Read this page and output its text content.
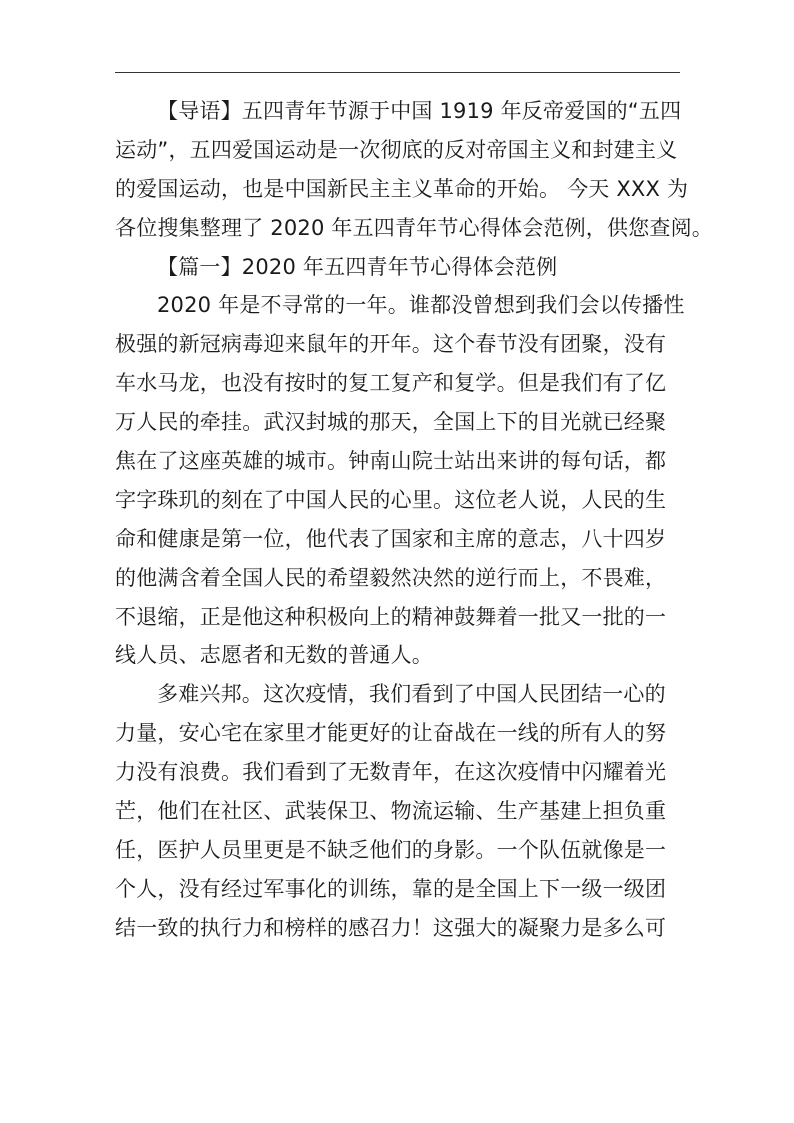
【导语】五四青年节源于中国 1919 年反帝爱国的“五四
运动”，五四爱国运动是一次彻底的反对帝国主义和封建主义
的爱国运动，也是中国新民主主义革命的开始。 今天 XXX 为
各位搜集整理了 2020 年五四青年节心得体会范例，供您查阅。
【篇一】2020 年五四青年节心得体会范例
2020 年是不寻常的一年。谁都没曾想到我们会以传播性
极强的新冠病毒迎来鼠年的开年。这个春节没有团聚，没有
车水马龙，也没有按时的复工复产和复学。但是我们有了亿
万人民的牵挂。武汉封城的那天，全国上下的目光就已经聚
焦在了这座英雄的城市。钟南山院士站出来讲的每句话，都
字字珠玑的刻在了中国人民的心里。这位老人说，人民的生
命和健康是第一位，他代表了国家和主席的意志，八十四岁
的他满含着全国人民的希望毅然决然的逆行而上，不畏难，
不退缩，正是他这种积极向上的精神鼓舞着一批又一批的一
线人员、志愿者和无数的普通人。
多难兴邦。这次疫情，我们看到了中国人民团结一心的
力量，安心宅在家里才能更好的让奋战在一线的所有人的努
力没有浪费。我们看到了无数青年，在这次疫情中闪耀着光
芒，他们在社区、武装保卫、物流运输、生产基建上担负重
任，医护人员里更是不缺乏他们的身影。一个队伍就像是一
个人，没有经过军事化的训练，靠的是全国上下一级一级团
结一致的执行力和榜样的感召力！这强大的凝聚力是多么可
